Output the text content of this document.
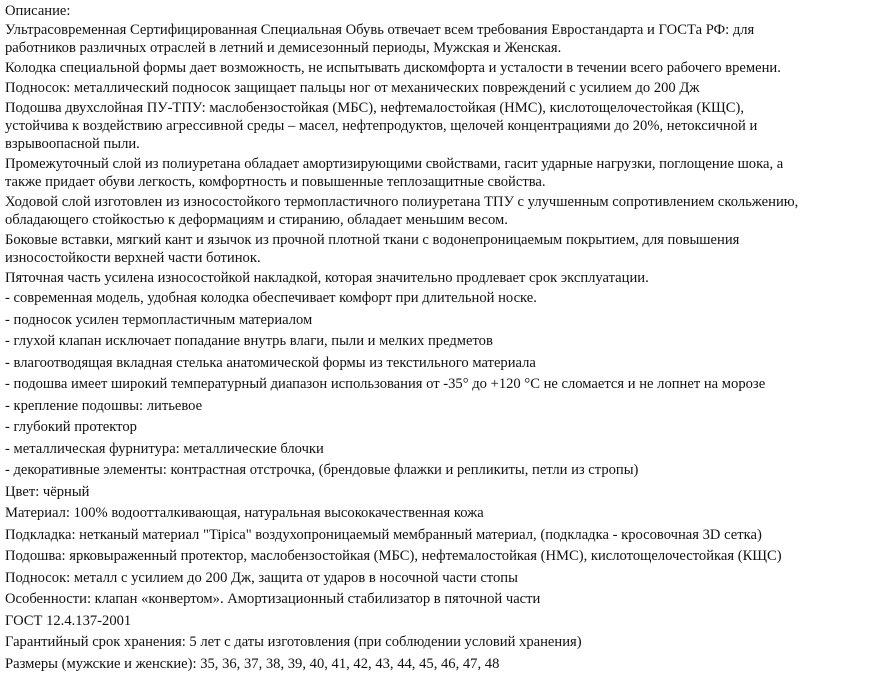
Описание:

Ультрасовременная Сертифицированная Специальная Обувь отвечает всем требования Евростандарта и ГОСТа РФ: для
работников различных отраслей в летний и демисезонный периоды, Мужская и Женская.
Колодка специальной формы дает возможность, не испытывать дискомфорта и усталости в течении всего рабочего времени.
Подносок: металлический подносок защищает пальцы ног от механических повреждений с усилием до 200 Дж
Подошва двухслойная ПУ-ТПУ: маслобензостойкая (МБС), нефтемалостойкая (НМС), кислотощелочестойкая (КЩС),
устойчива к воздействию агрессивной среды – масел, нефтепродуктов, щелочей концентрациями до 20%, нетоксичной и
взрывоопасной пыли.
Промежуточный слой из полиуретана обладает амортизирующими свойствами, гасит ударные нагрузки, поглощение шока, а
также придает обуви легкость, комфортность и повышенные теплозащитные свойства.
Ходовой слой изготовлен из износостойкого термопластичного полиуретана ТПУ с улучшенным сопротивлением скольжению,
обладающего стойкостью к деформациям и стиранию, обладает меньшим весом.
Боковые вставки, мягкий кант и язычок из прочной плотной ткани с водонепроницаемым покрытием, для повышения
износостойкости верхней части ботинок.
Пяточная часть усилена износостойкой накладкой, которая значительно продлевает срок эксплуатации.

- современная модель, удобная колодка обеспечивает комфорт при длительной носке.

- подносок усилен термопластичным материалом

- глухой клапан исключает попадание внутрь влаги, пыли и мелких предметов

- влагоотводящая вкладная стелька анатомической формы из текстильного материала

- подошва имеет широкий температурный диапазон использования от -35° до +120 °С не сломается и не лопнет на морозе

- крепление подошвы: литьевое

- глубокий протектор

- металлическая фурнитура: металлические блочки

- декоративные элементы: контрастная отстрочка, (брендовые флажки и репликиты, петли из стропы)

Цвет: чёрный

Материал: 100% водоотталкивающая, натуральная высококачественная кожа

Подкладка: нетканый материал "Tipica" воздухопроницаемый мембранный материал, (подкладка - кросовочная 3D сетка)

Подошва: ярковыраженный протектор, маслобензостойкая (МБС), нефтемалостойкая (НМС), кислотощелочестойкая (КЩС)

Подносок: металл с усилием до 200 Дж, защита от ударов в носочной части стопы

Особенности: клапан «конвертом». Амортизационный стабилизатор в пяточной части

ГОСТ 12.4.137-2001

Гарантийный срок хранения: 5 лет с даты изготовления (при соблюдении условий хранения)

Размеры (мужские и женские): 35, 36, 37, 38, 39, 40, 41, 42, 43, 44, 45, 46, 47, 48
